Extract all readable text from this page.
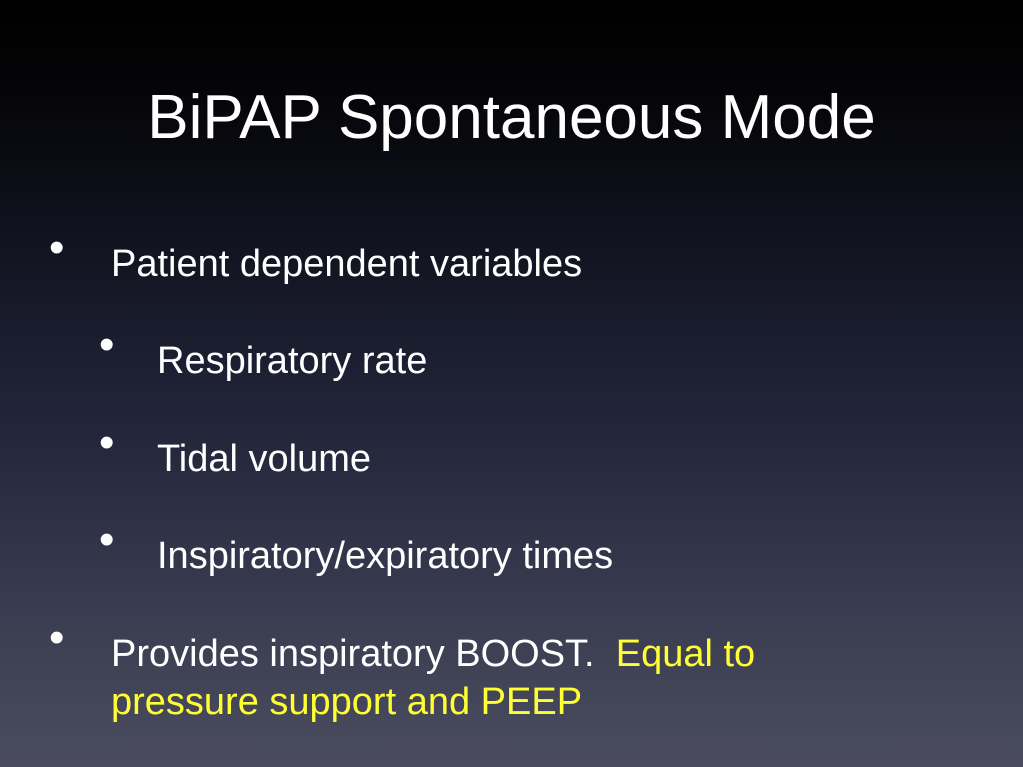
BiPAP Spontaneous Mode
• Patient dependent variables
• Respiratory rate
• Tidal volume
• Inspiratory/expiratory times
• Provides inspiratory BOOST. Equal to pressure support and PEEP
